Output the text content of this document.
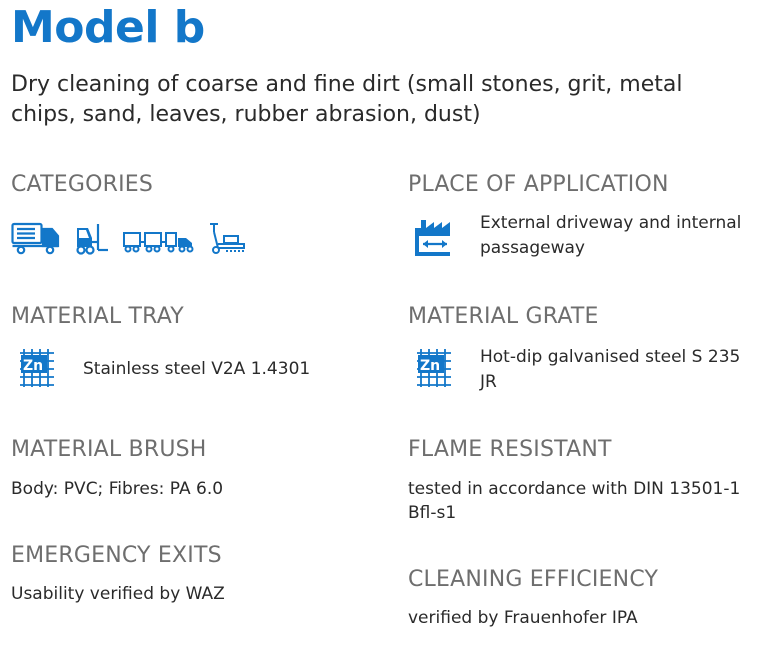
Model b
Dry cleaning of coarse and fine dirt (small stones, grit, metal chips, sand, leaves, rubber abrasion, dust)
CATEGORIES	PLACE OF APPLICATION
External driveway and internal
passageway
MATERIAL TRAY
Zn Stainless steel V2A 1.4301
MATERIAL GRATE
Zn Hot-dip galvanised steel S 235
JR
MATERIAL BRUSH
Body: PVC; Fibres: PA 6.0
FLAME RESISTANT
tested in accordance with DIN 13501-1
Bfl-s1
EMERGENCY EXITS
Usability verified by WAZ
CLEANING EFFICIENCY
verified by Frauenhofer IPA
